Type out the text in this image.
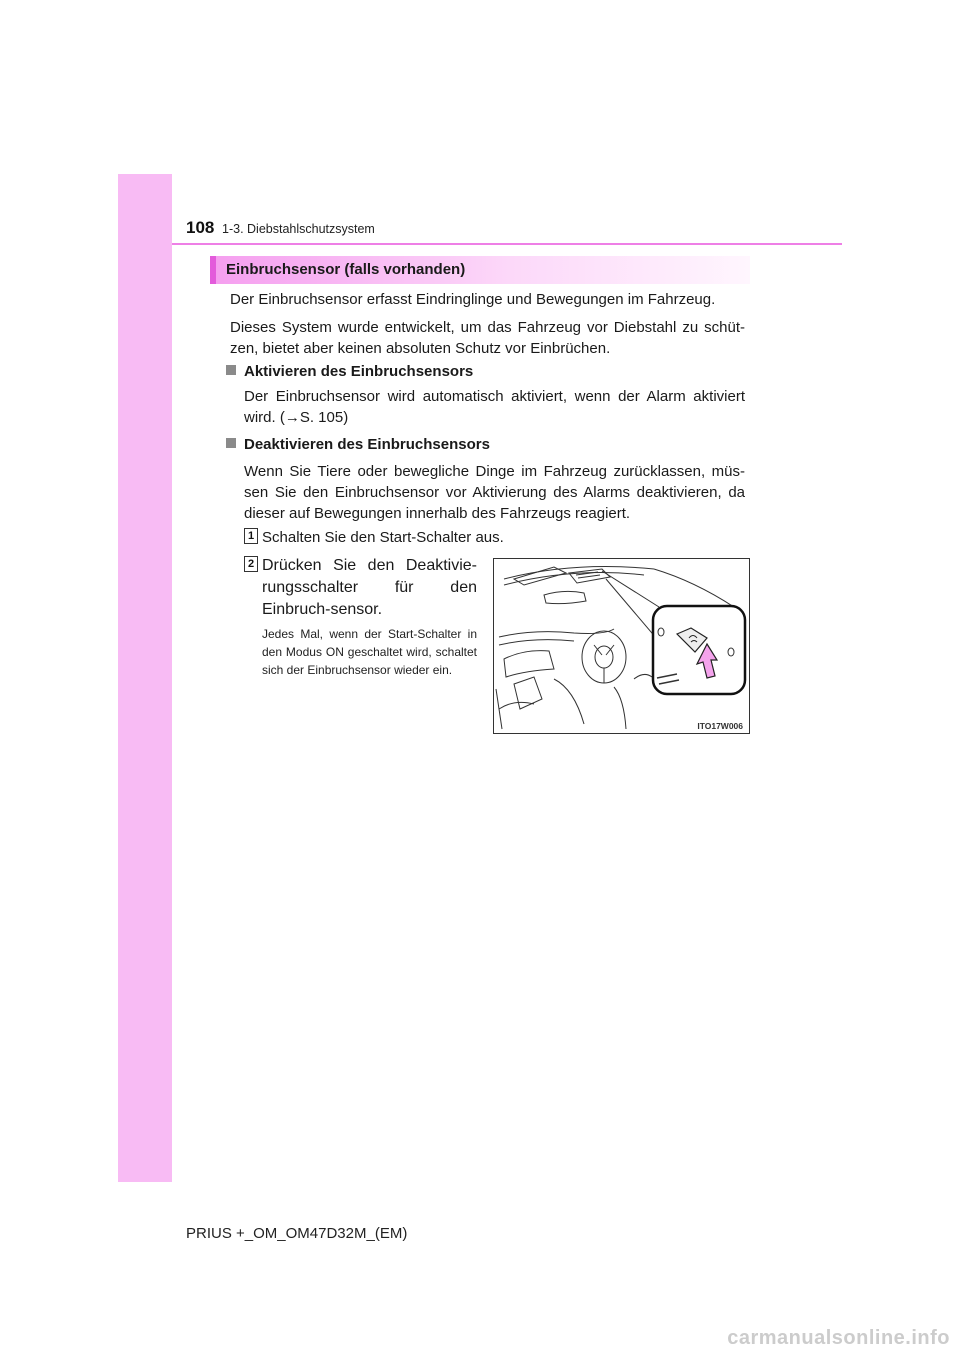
108 1-3. Diebstahlschutzsystem
Einbruchsensor (falls vorhanden)

Der Einbruchsensor erfasst Eindringlinge und Bewegungen im Fahrzeug.

Dieses System wurde entwickelt, um das Fahrzeug vor Diebstahl zu schüt-zen, bietet aber keinen absoluten Schutz vor Einbrüchen.

Aktivieren des Einbruchsensors

Der Einbruchsensor wird automatisch aktiviert, wenn der Alarm aktiviert wird. (→S. 105)

Deaktivieren des Einbruchsensors

Wenn Sie Tiere oder bewegliche Dinge im Fahrzeug zurücklassen, müs-sen Sie den Einbruchsensor vor Aktivierung des Alarms deaktivieren, da dieser auf Bewegungen innerhalb des Fahrzeugs reagiert.

1 Schalten Sie den Start-Schalter aus.

2 Drücken Sie den Deaktivie-rungsschalter für den Einbruch-sensor.

Jedes Mal, wenn der Start-Schalter in den Modus ON geschaltet wird, schaltet sich der Einbruchsensor wieder ein.

ITO17W006
PRIUS +_OM_OM47D32M_(EM)
carmanualsonline.info
